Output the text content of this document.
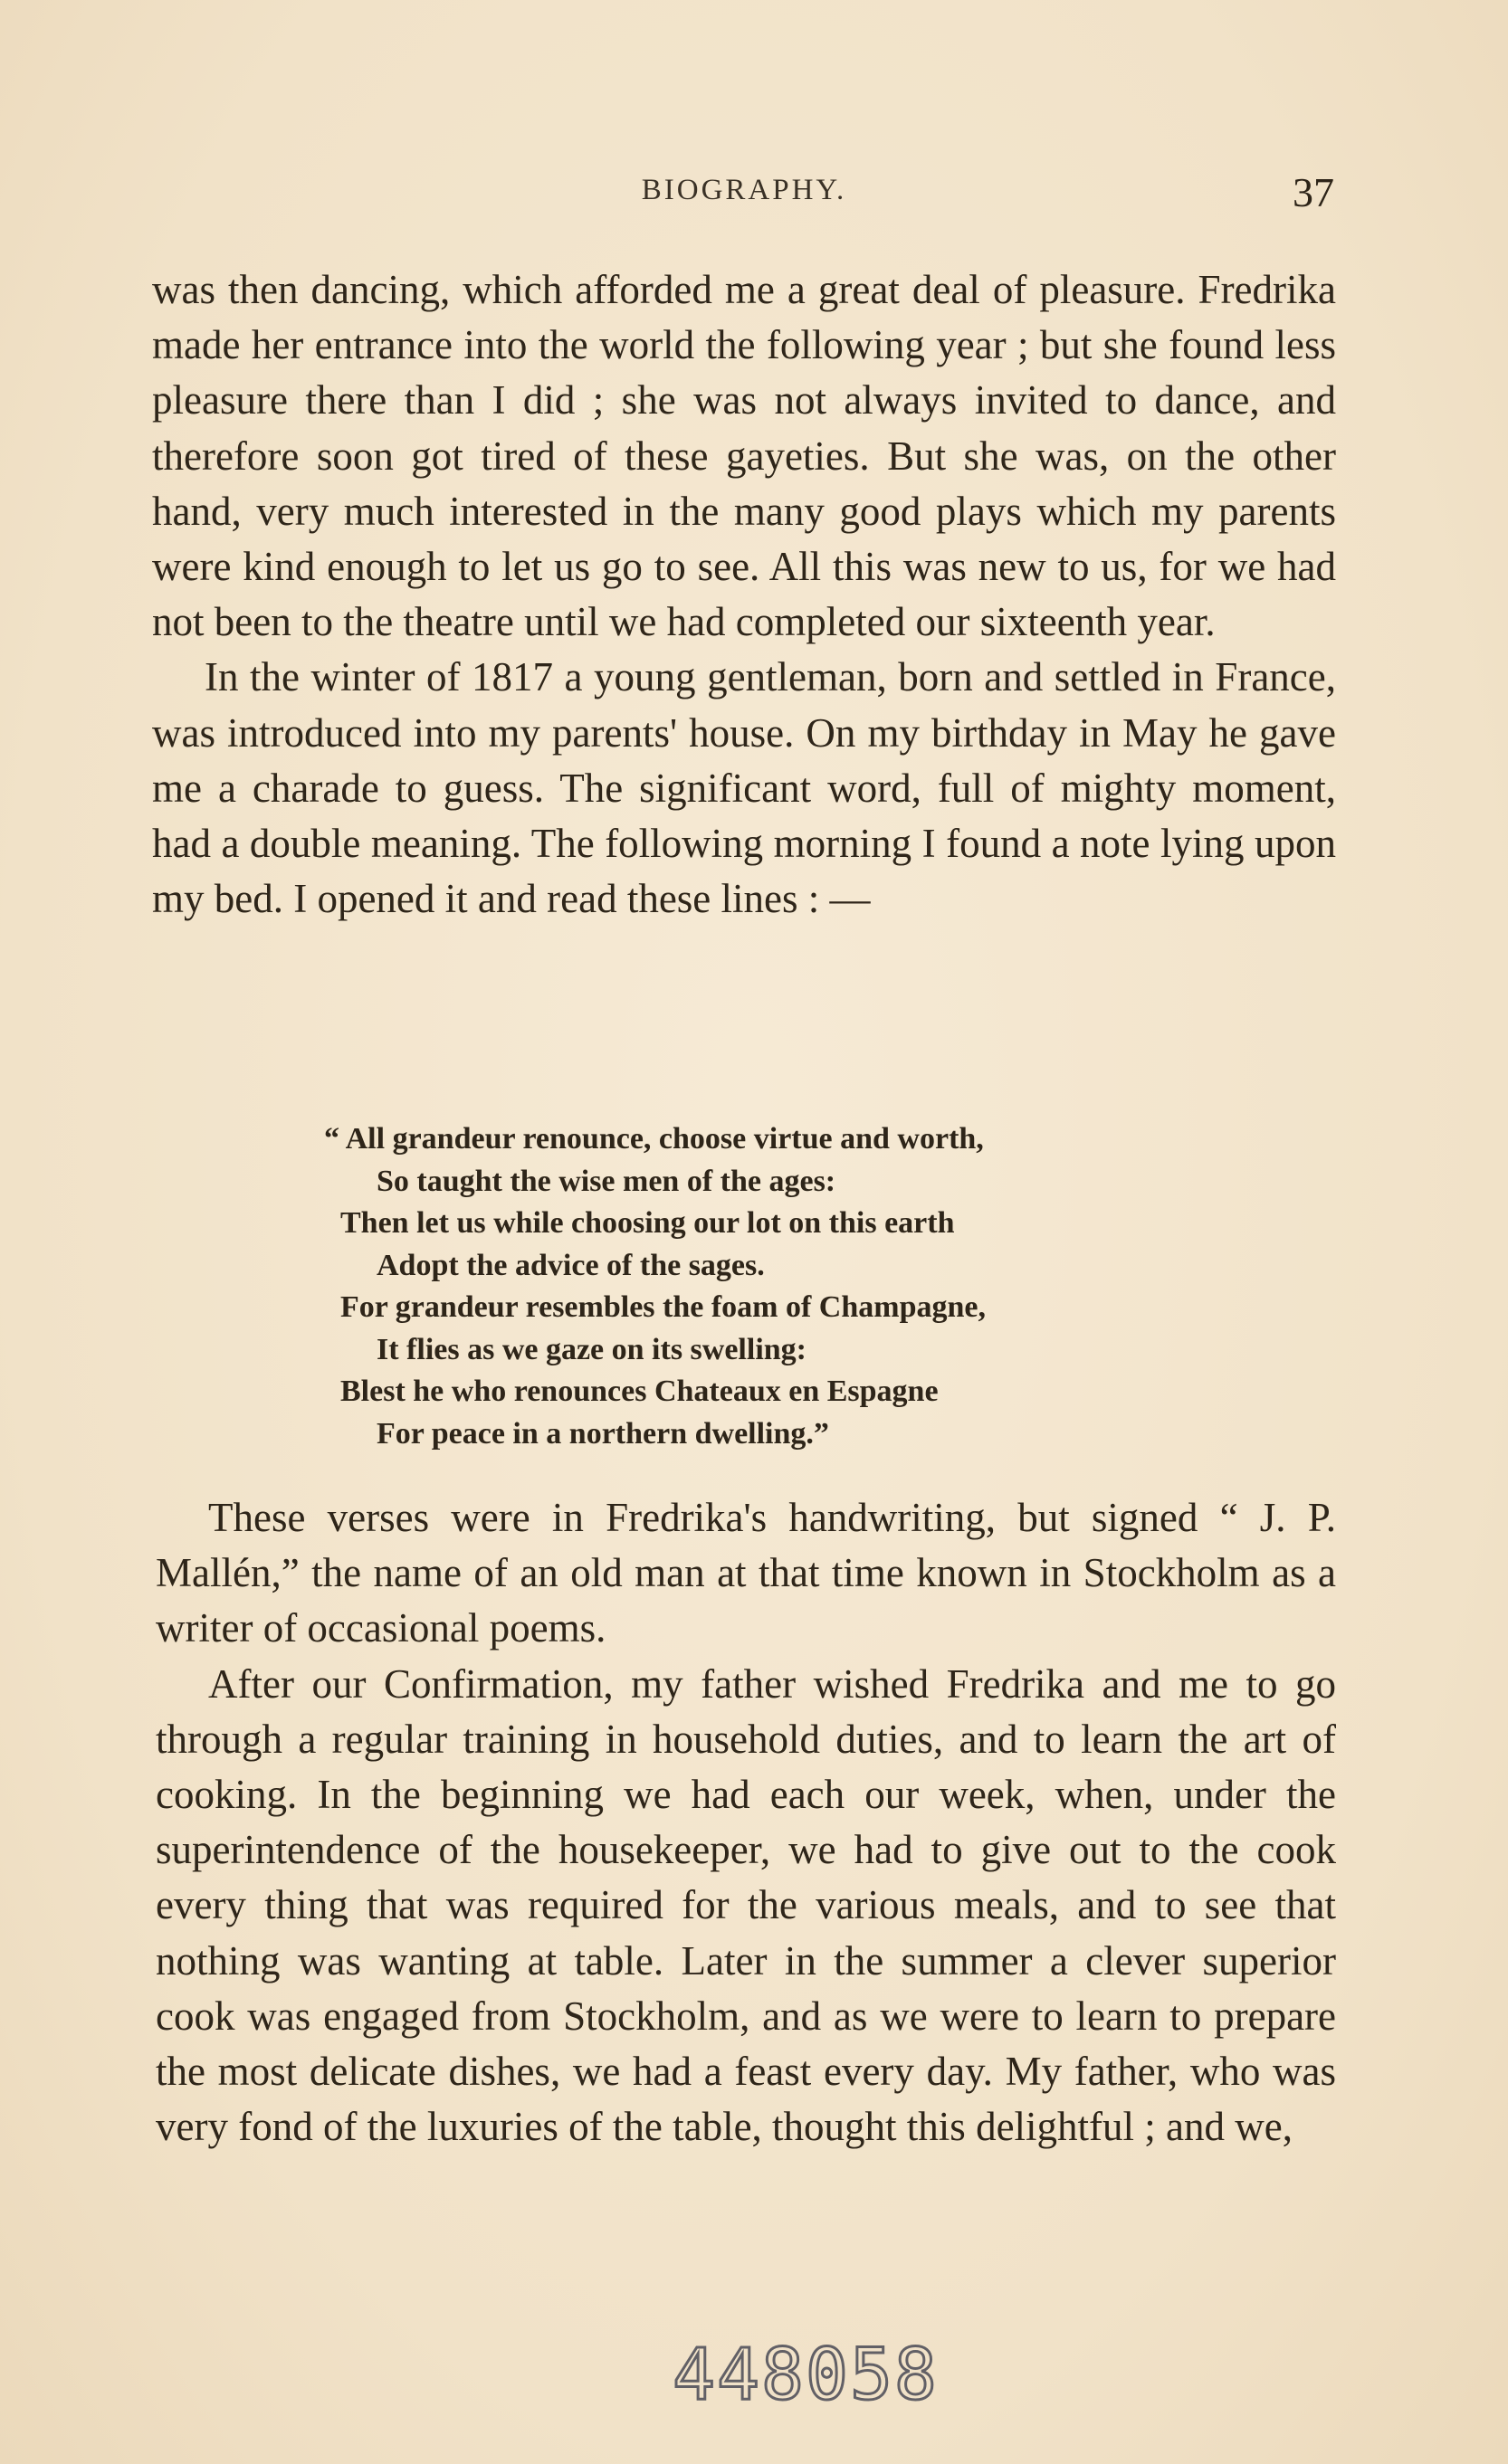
BIOGRAPHY.	37

was then dancing, which afforded me a great deal of pleasure. Fredrika made her entrance into the world the following year ; but she found less pleasure there than I did ; she was not always invited to dance, and therefore soon got tired of these gayeties. But she was, on the other hand, very much interested in the many good plays which my parents were kind enough to let us go to see. All this was new to us, for we had not been to the theatre until we had completed our sixteenth year.

In the winter of 1817 a young gentleman, born and settled in France, was introduced into my parents' house. On my birthday in May he gave me a charade to guess. The significant word, full of mighty moment, had a double meaning. The following morning I found a note lying upon my bed. I opened it and read these lines : —

“ All grandeur renounce, choose virtue and worth,
So taught the wise men of the ages:
Then let us while choosing our lot on this earth
Adopt the advice of the sages.
For grandeur resembles the foam of Champagne,
It flies as we gaze on its swelling:
Blest he who renounces Chateaux en Espagne
For peace in a northern dwelling.”

These verses were in Fredrika's handwriting, but signed “ J. P. Mallén,” the name of an old man at that time known in Stockholm as a writer of occasional poems.

After our Confirmation, my father wished Fredrika and me to go through a regular training in household duties, and to learn the art of cooking. In the beginning we had each our week, when, under the superintendence of the housekeeper, we had to give out to the cook every thing that was required for the various meals, and to see that nothing was wanting at table. Later in the summer a clever superior cook was engaged from Stockholm, and as we were to learn to prepare the most delicate dishes, we had a feast every day. My father, who was very fond of the luxuries of the table, thought this delightful ; and we,

448058
